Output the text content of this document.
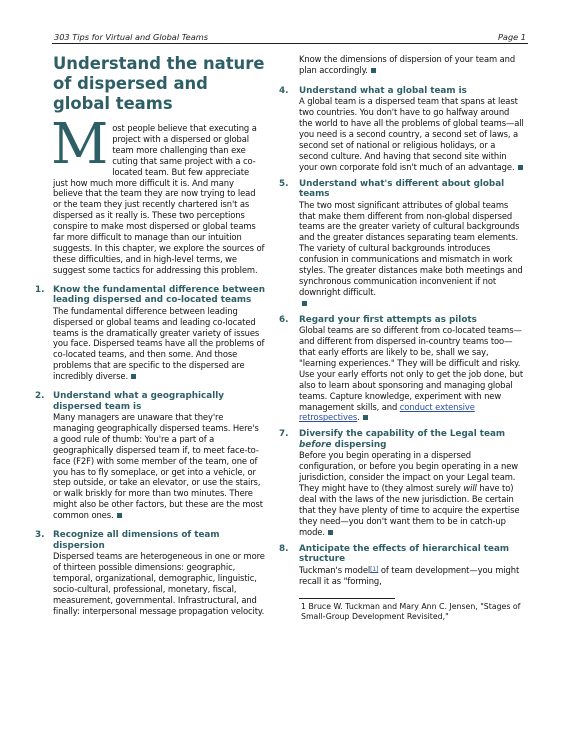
303 Tips for Virtual and Global Teams	Page 1
Understand the nature of dispersed and global teams
Most people believe that executing a project with a dispersed or global team more challenging than exe cuting that same project with a co-located team. But few appreciate just how much more difficult it is. And many believe that the team they are now trying to lead or the team they just recently chartered isn't as dispersed as it really is. These two perceptions conspire to make most dispersed or global teams far more difficult to manage than our intuition suggests. In this chapter, we explore the sources of these difficulties, and in high-level terms, we suggest some tactics for addressing this problem.
1. Know the fundamental difference between leading dispersed and co-located teams
The fundamental difference between leading dispersed or global teams and leading co-located teams is the dramatically greater variety of issues you face. Dispersed teams have all the problems of co-located teams, and then some. And those problems that are specific to the dispersed are incredibly diverse.
2. Understand what a geographically dispersed team is
Many managers are unaware that they're managing geographically dispersed teams. Here's a good rule of thumb: You're a part of a geographically dispersed team if, to meet face-to-face (F2F) with some member of the team, one of you has to fly someplace, or get into a vehicle, or step outside, or take an elevator, or use the stairs, or walk briskly for more than two minutes. There might also be other factors, but these are the most common ones.
3. Recognize all dimensions of team dispersion
Dispersed teams are heterogeneous in one or more of thirteen possible dimensions: geographic, temporal, organizational, demographic, linguistic, socio-cultural, professional, monetary, fiscal, measurement, governmental. Infrastructural, and finally: interpersonal message propagation velocity.
Know the dimensions of dispersion of your team and plan accordingly.
4. Understand what a global team is
A global team is a dispersed team that spans at least two countries. You don't have to go halfway around the world to have all the problems of global teams—all you need is a second country, a second set of laws, a second set of national or religious holidays, or a second culture. And having that second site within your own corporate fold isn't much of an advantage.
5. Understand what's different about global teams
The two most significant attributes of global teams that make them different from non-global dispersed teams are the greater variety of cultural backgrounds and the greater distances separating team elements. The variety of cultural backgrounds introduces confusion in communications and mismatch in work styles. The greater distances make both meetings and synchronous communication inconvenient if not downright difficult.

6. Regard your first attempts as pilots
Global teams are so different from co-located teams—and different from dispersed in-country teams too—that early efforts are likely to be, shall we say, "learning experiences." They will be difficult and risky. Use your early efforts not only to get the job done, but also to learn about sponsoring and managing global teams. Capture knowledge, experiment with new management skills, and conduct extensive retrospectives.
7. Diversify the capability of the Legal team before dispersing
Before you begin operating in a dispersed configuration, or before you begin operating in a new jurisdiction, consider the impact on your Legal team. They might have to (they almost surely will have to) deal with the laws of the new jurisdiction. Be certain that they have plenty of time to acquire the expertise they need—you don't want them to be in catch-up mode.
8. Anticipate the effects of hierarchical team structure
Tuckman's model[1] of team development—you might recall it as "forming,
1 Bruce W. Tuckman and Mary Ann C. Jensen, "Stages of Small-Group Development Revisited,"
